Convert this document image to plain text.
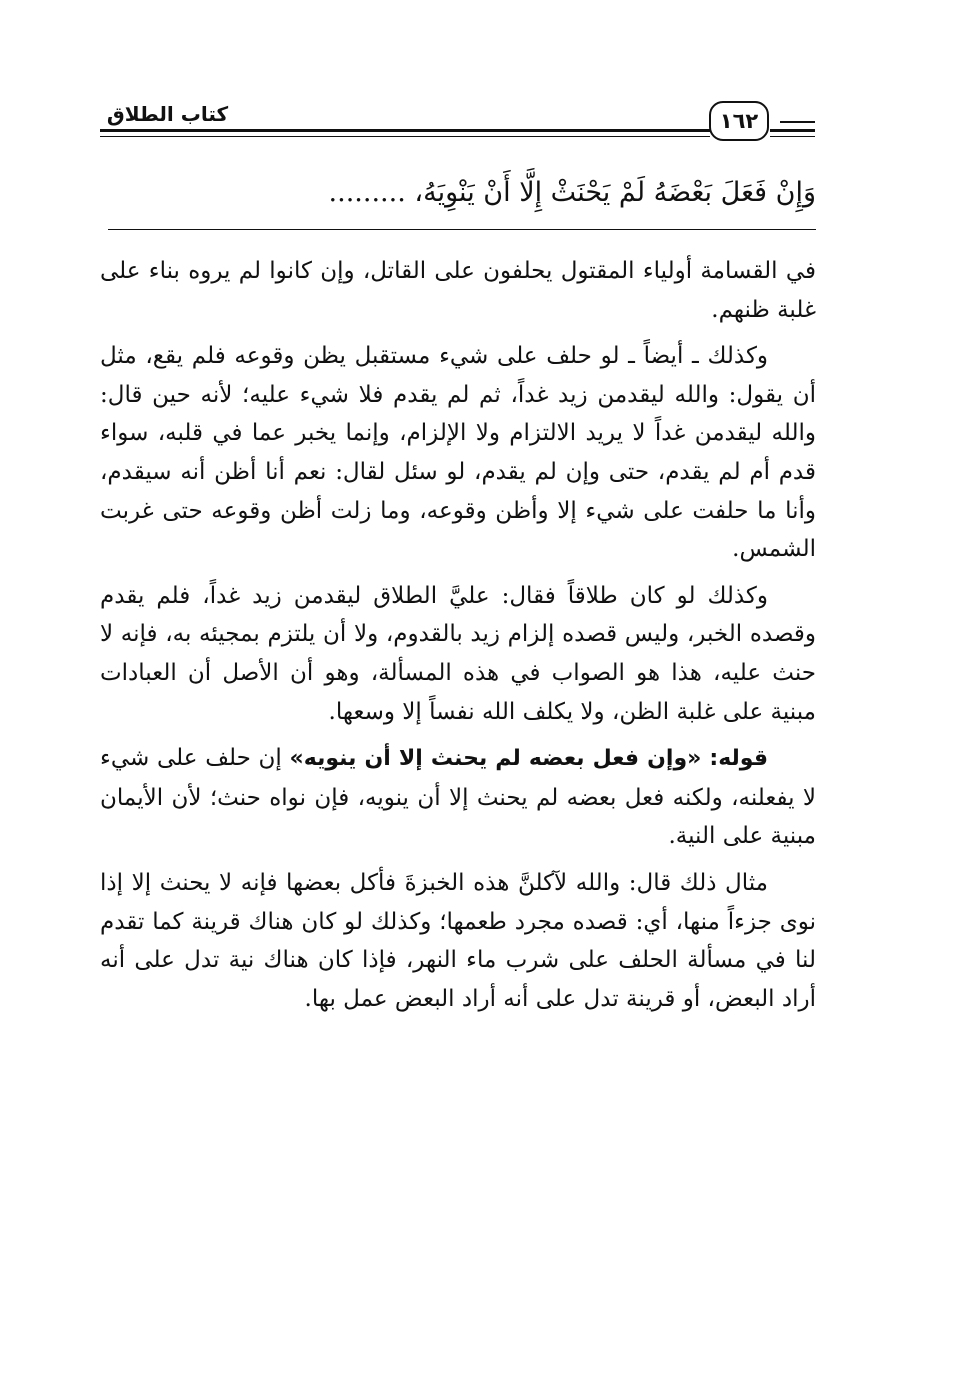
كتاب الطلاق	١٦٢
وَإِنْ فَعَلَ بَعْضَهُ لَمْ يَحْنَثْ إِلَّا أَنْ يَنْوِيَهُ، .........

في القسامة أولياء المقتول يحلفون على القاتل، وإن كانوا لم يروه بناء على غلبة ظنهم.

وكذلك ـ أيضاً ـ لو حلف على شيء مستقبل يظن وقوعه فلم يقع، مثل أن يقول: والله ليقدمن زيد غداً، ثم لم يقدم فلا شيء عليه؛ لأنه حين قال: والله ليقدمن غداً لا يريد الالتزام ولا الإلزام، وإنما يخبر عما في قلبه، سواء قدم أم لم يقدم، حتى وإن لم يقدم، لو سئل لقال: نعم أنا أظن أنه سيقدم، وأنا ما حلفت على شيء إلا وأظن وقوعه، وما زلت أظن وقوعه حتى غربت الشمس.

وكذلك لو كان طلاقاً فقال: عليَّ الطلاق ليقدمن زيد غداً، فلم يقدم وقصده الخبر، وليس قصده إلزام زيد بالقدوم، ولا أن يلتزم بمجيئه به، فإنه لا حنث عليه، هذا هو الصواب في هذه المسألة، وهو أن الأصل أن العبادات مبنية على غلبة الظن، ولا يكلف الله نفساً إلا وسعها.

قوله: «وإن فعل بعضه لم يحنث إلا أن ينويه» إن حلف على شيء لا يفعلنه، ولكنه فعل بعضه لم يحنث إلا أن ينويه، فإن نواه حنث؛ لأن الأيمان مبنية على النية.

مثال ذلك قال: والله لآكلنَّ هذه الخبزةَ فأكل بعضها فإنه لا يحنث إلا إذا نوى جزءاً منها، أي: قصده مجرد طعمها؛ وكذلك لو كان هناك قرينة كما تقدم لنا في مسألة الحلف على شرب ماء النهر، فإذا كان هناك نية تدل على أنه أراد البعض، أو قرينة تدل على أنه أراد البعض عمل بها.
